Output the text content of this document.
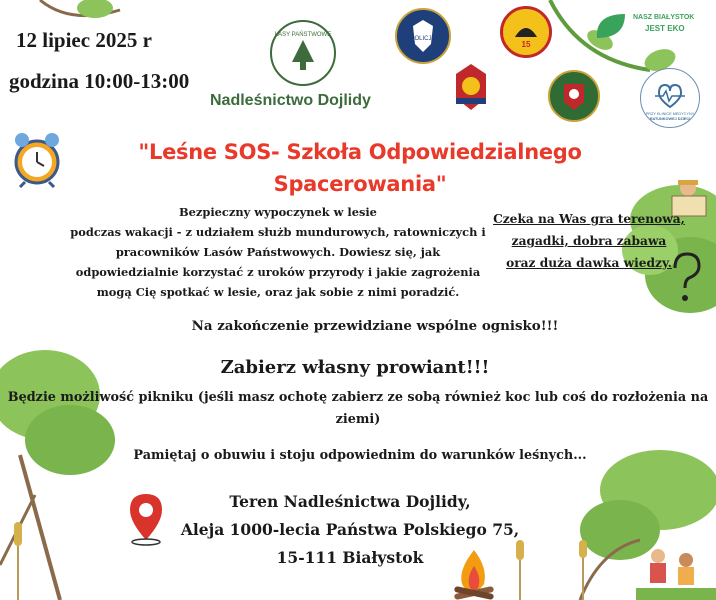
LASY PAŃSTWOWE
POLICJA
15
NASZ BIAŁYSTOK
JEST EKO
PRZY KLINICE MEDYCYNY
RATUNKOWEJ DZIECI
12 lipiec 2025 r
godzina 10:00-13:00
Nadleśnictwo Dojlidy
"Leśne SOS- Szkoła Odpowiedzialnego
Spacerowania"
Bezpieczny wypoczynek w lesie
podczas wakacji - z udziałem służb mundurowych, ratowniczych i
pracowników Lasów Państwowych. Dowiesz się, jak
odpowiedzialnie korzystać z uroków przyrody i jakie zagrożenia
mogą Cię spotkać w lesie, oraz jak sobie z nimi poradzić.
Czeka na Was gra terenowa,
zagadki, dobra zabawa
oraz duża dawka wiedzy.
Na zakończenie przewidziane wspólne ognisko!!!
Zabierz własny prowiant!!!
Będzie możliwość pikniku (jeśli masz ochotę zabierz ze sobą również koc lub coś do rozłożenia na
ziemi)
Pamiętaj o obuwiu i stoju odpowiednim do warunków leśnych...
Teren Nadleśnictwa Dojlidy,
Aleja 1000-lecia Państwa Polskiego 75,
15-111 Białystok
